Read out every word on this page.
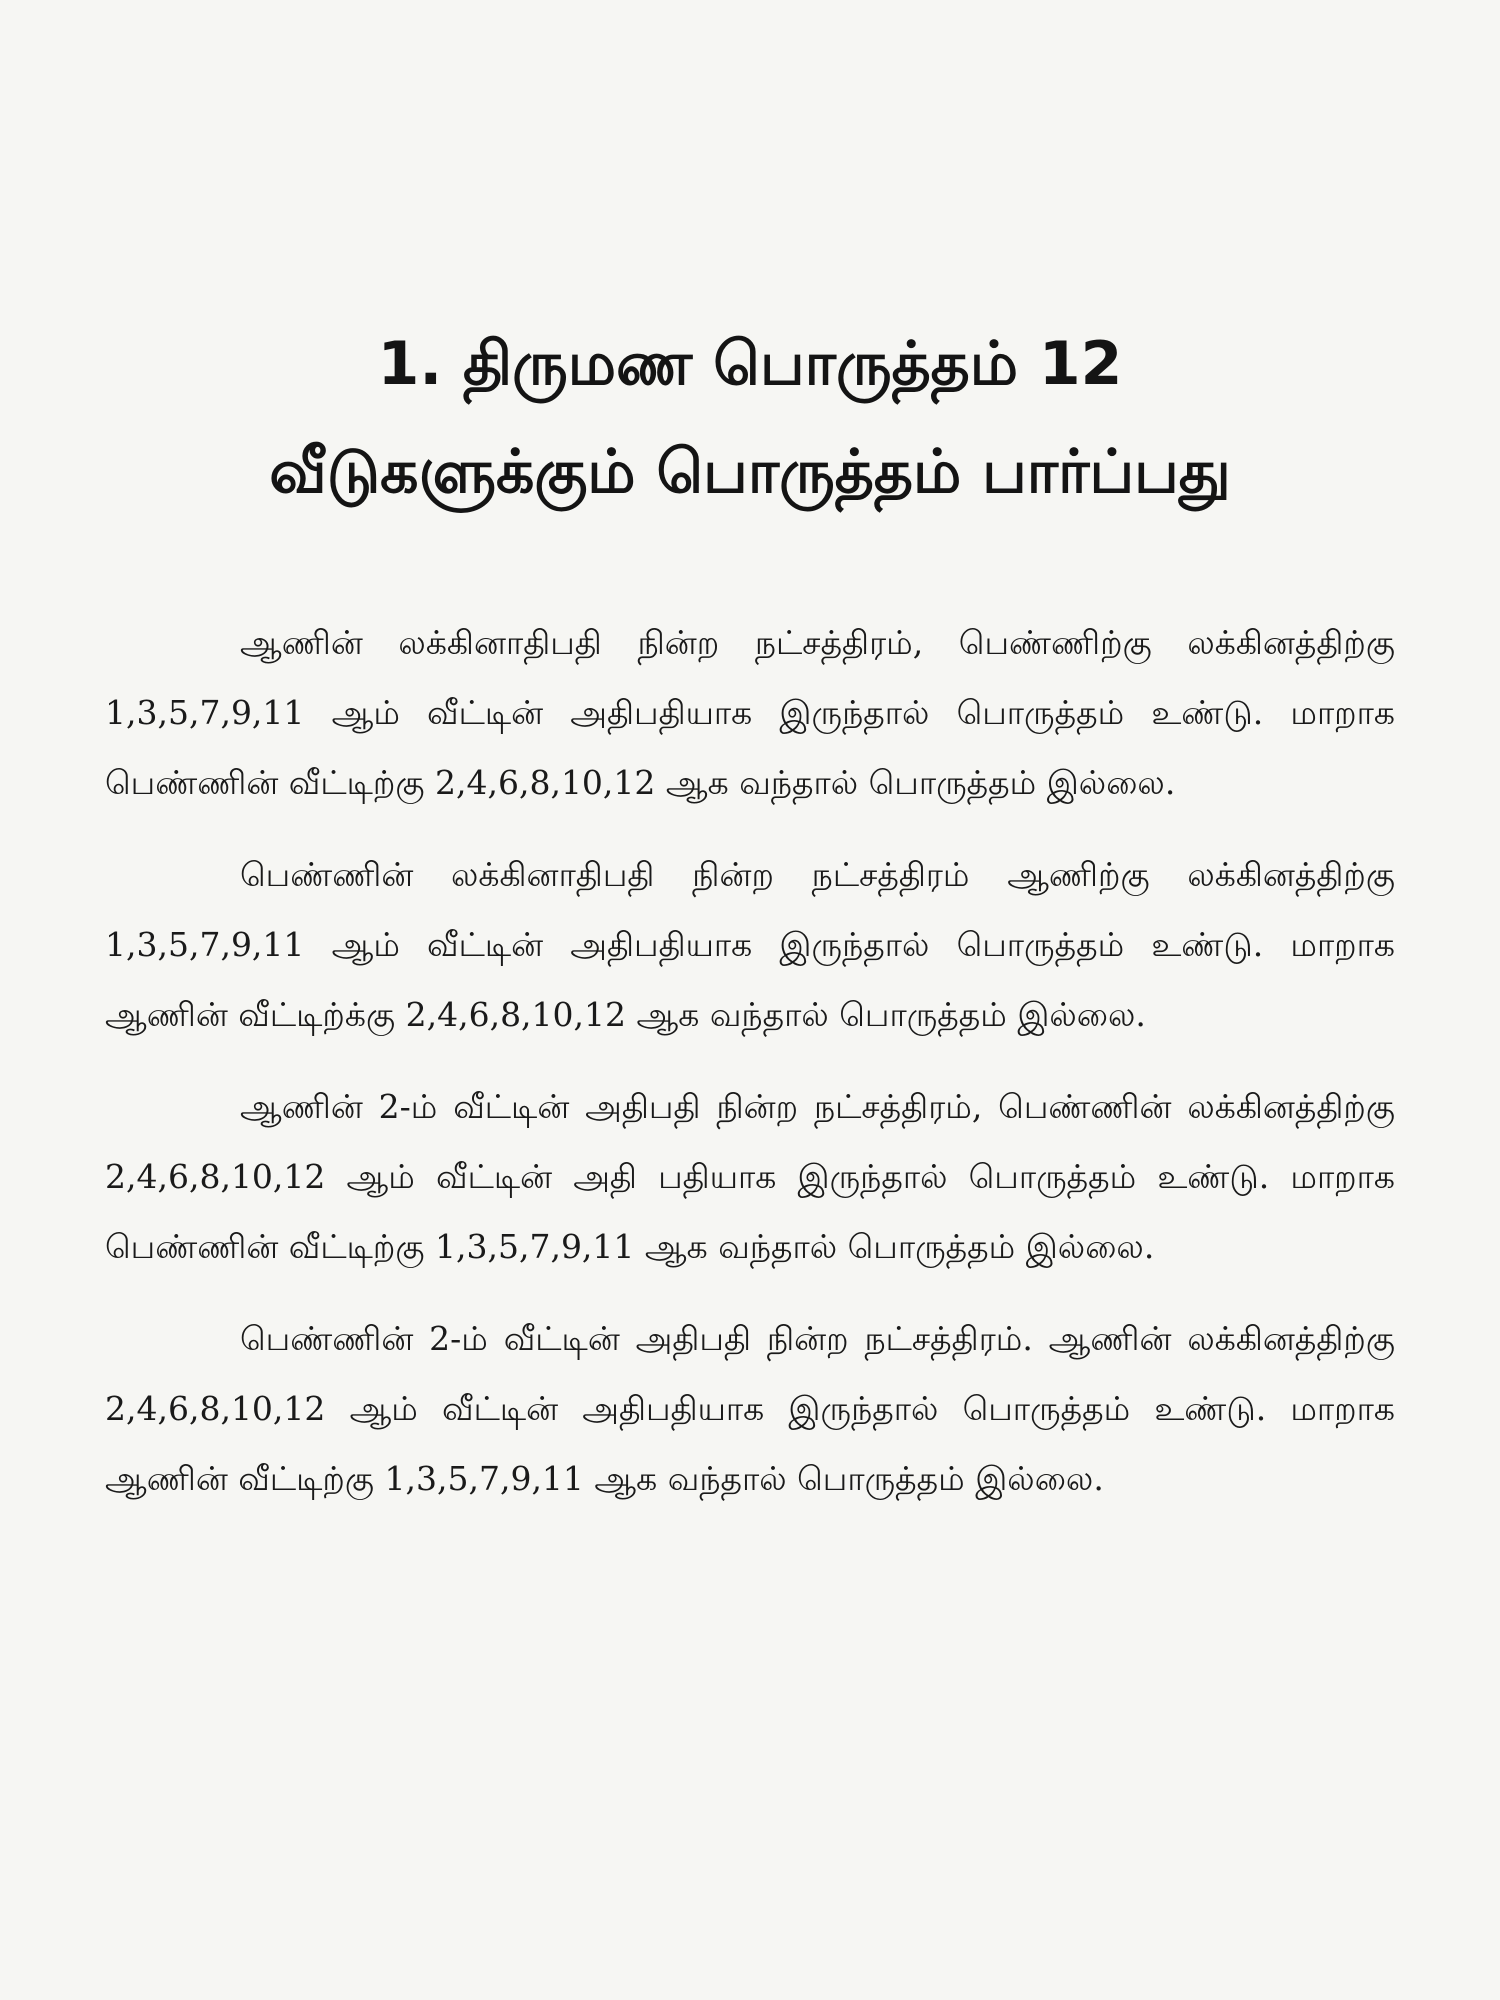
1. திருமண பொருத்தம் 12
வீடுகளுக்கும் பொருத்தம் பார்ப்பது

ஆணின் லக்கினாதிபதி நின்ற நட்சத்திரம், பெண்ணிற்கு லக்கினத்திற்கு 1,3,5,7,9,11 ஆம் வீட்டின் அதிபதியாக இருந்தால் பொருத்தம் உண்டு. மாறாக பெண்ணின் வீட்டிற்கு 2,4,6,8,10,12 ஆக வந்தால் பொருத்தம் இல்லை.

பெண்ணின் லக்கினாதிபதி நின்ற நட்சத்திரம் ஆணிற்கு லக்கினத்திற்கு 1,3,5,7,9,11 ஆம் வீட்டின் அதிபதியாக இருந்தால் பொருத்தம் உண்டு. மாறாக ஆணின் வீட்டிற்க்கு 2,4,6,8,10,12 ஆக வந்தால் பொருத்தம் இல்லை.

ஆணின் 2-ம் வீட்டின் அதிபதி நின்ற நட்சத்திரம், பெண்ணின் லக்கினத்திற்கு 2,4,6,8,10,12 ஆம் வீட்டின் அதி பதியாக இருந்தால் பொருத்தம் உண்டு. மாறாக பெண்ணின் வீட்டிற்கு 1,3,5,7,9,11 ஆக வந்தால் பொருத்தம் இல்லை.

பெண்ணின் 2-ம் வீட்டின் அதிபதி நின்ற நட்சத்திரம். ஆணின் லக்கினத்திற்கு 2,4,6,8,10,12 ஆம் வீட்டின் அதிபதியாக இருந்தால் பொருத்தம் உண்டு. மாறாக ஆணின் வீட்டிற்கு 1,3,5,7,9,11 ஆக வந்தால் பொருத்தம் இல்லை.
